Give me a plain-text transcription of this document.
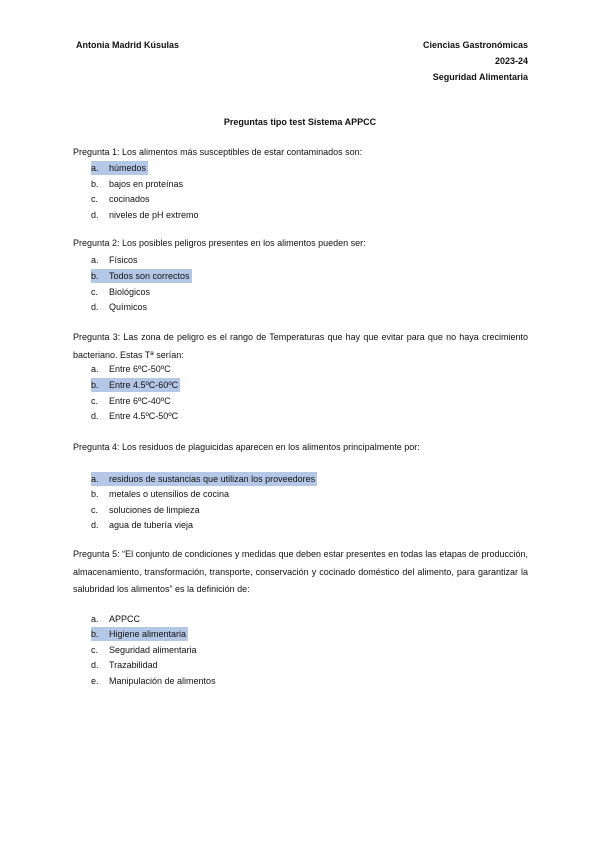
Antonia Madrid Kúsulas	Ciencias Gastronómicas
2023-24
Seguridad Alimentaria
Preguntas tipo test Sistema APPCC
Pregunta 1: Los alimentos más susceptibles de estar contaminados son:
a. húmedos
b. bajos en proteínas
c. cocinados
d. niveles de pH extremo
Pregunta 2: Los posibles peligros presentes en los alimentos pueden ser:
a. Físicos
b. Todos son correctos
c. Biológicos
d. Químicos
Pregunta 3: Las zona de peligro es el rango de Temperaturas que hay que evitar para que no haya crecimiento bacteriano. Estas Tª serían:
a. Entre 6ºC-50ºC
b. Entre 4.5ºC-60ºC
c. Entre 6ºC-40ºC
d. Entre 4.5ºC-50ºC
Pregunta 4: Los residuos de plaguicidas aparecen en los alimentos principalmente por:
a. residuos de sustancias que utilizan los proveedores
b. metales o utensilios de cocina
c. soluciones de limpieza
d. agua de tubería vieja
Pregunta 5: “El conjunto de condiciones y medidas que deben estar presentes en todas las etapas de producción, almacenamiento, transformación, transporte, conservación y cocinado doméstico del alimento, para garantizar la salubridad los alimentos” es la definición de:
a. APPCC
b. Higiene alimentaria
c. Seguridad alimentaria
d. Trazabilidad
e. Manipulación de alimentos
